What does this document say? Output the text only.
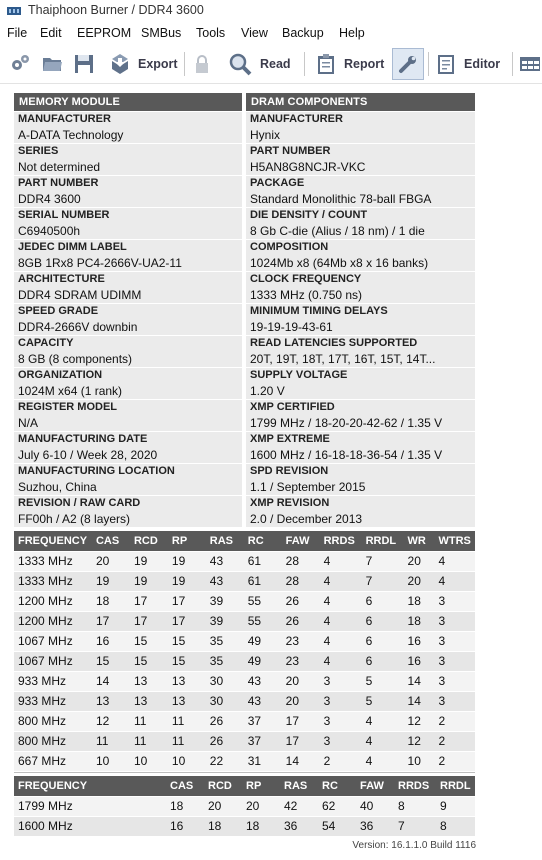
Thaiphoon Burner / DDR4 3600
File Edit EEPROM SMBus Tools View Backup Help
Export	Read	Report	Editor
MEMORY MODULE
MANUFACTURER
A-DATA Technology
SERIES
Not determined
PART NUMBER
DDR4 3600
SERIAL NUMBER
C6940500h
JEDEC DIMM LABEL
8GB 1Rx8 PC4-2666V-UA2-11
ARCHITECTURE
DDR4 SDRAM UDIMM
SPEED GRADE
DDR4-2666V downbin
CAPACITY
8 GB (8 components)
ORGANIZATION
1024M x64 (1 rank)
REGISTER MODEL
N/A
MANUFACTURING DATE
July 6-10 / Week 28, 2020
MANUFACTURING LOCATION
Suzhou, China
REVISION / RAW CARD
FF00h / A2 (8 layers)
DRAM COMPONENTS
MANUFACTURER
Hynix
PART NUMBER
H5AN8G8NCJR-VKC
PACKAGE
Standard Monolithic 78-ball FBGA
DIE DENSITY / COUNT
8 Gb C-die (Alius / 18 nm) / 1 die
COMPOSITION
1024Mb x8 (64Mb x8 x 16 banks)
CLOCK FREQUENCY
1333 MHz (0.750 ns)
MINIMUM TIMING DELAYS
19-19-19-43-61
READ LATENCIES SUPPORTED
20T, 19T, 18T, 17T, 16T, 15T, 14T...
SUPPLY VOLTAGE
1.20 V
XMP CERTIFIED
1799 MHz / 18-20-20-42-62 / 1.35 V
XMP EXTREME
1600 MHz / 16-18-18-36-54 / 1.35 V
SPD REVISION
1.1 / September 2015
XMP REVISION
2.0 / December 2013
FREQUENCY	CAS	RCD	RP	RAS	RC	FAW	RRDS	RRDL	WR	WTRS
1333 MHz	20	19	19	43	61	28	4	7	20	4
1333 MHz	19	19	19	43	61	28	4	7	20	4
1200 MHz	18	17	17	39	55	26	4	6	18	3
1200 MHz	17	17	17	39	55	26	4	6	18	3
1067 MHz	16	15	15	35	49	23	4	6	16	3
1067 MHz	15	15	15	35	49	23	4	6	16	3
933 MHz	14	13	13	30	43	20	3	5	14	3
933 MHz	13	13	13	30	43	20	3	5	14	3
800 MHz	12	11	11	26	37	17	3	4	12	2
800 MHz	11	11	11	26	37	17	3	4	12	2
667 MHz	10	10	10	22	31	14	2	4	10	2
FREQUENCY	CAS	RCD	RP	RAS	RC	FAW	RRDS	RRDL
1799 MHz	18	20	20	42	62	40	8	9
1600 MHz	16	18	18	36	54	36	7	8
Version: 16.1.1.0 Build 1116
